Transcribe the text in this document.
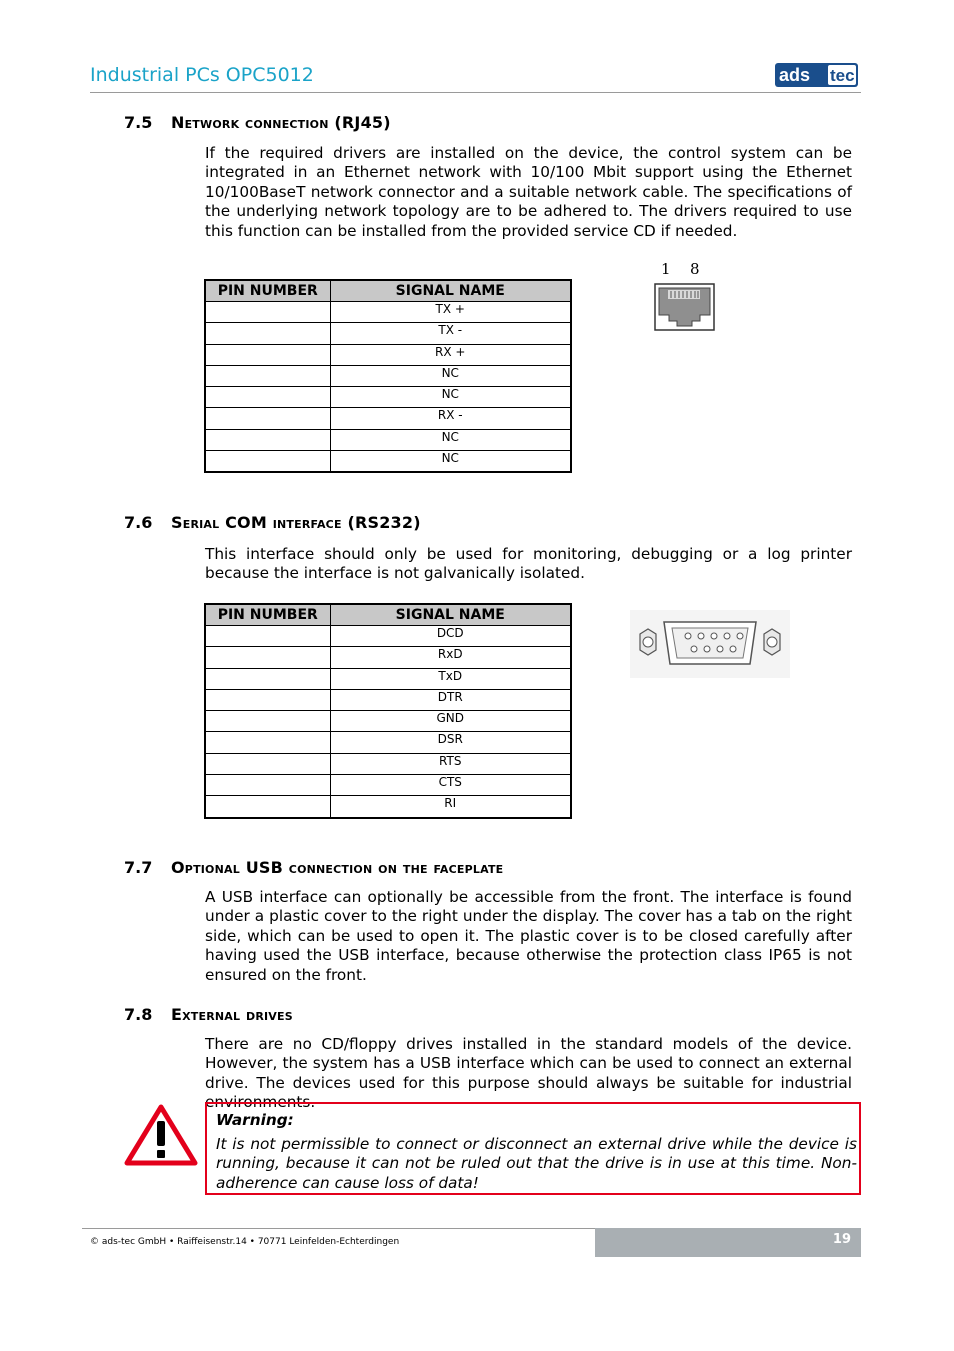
Industrial PCs OPC5012	ads tec
7.5 Network connection (RJ45)
If the required drivers are installed on the device, the control system can be integrated in an Ethernet network with 10/100 Mbit support using the Ethernet 10/100BaseT network connector and a suitable network cable. The specifications of the underlying network topology are to be adhered to. The drivers required to use this function can be installed from the provided service CD if needed.
PIN NUMBER	SIGNAL NAME
	TX +
	TX -
	RX +
	NC
	NC
	RX -
	NC
	NC
1 8
7.6 Serial COM interface (RS232)
This interface should only be used for monitoring, debugging or a log printer because the interface is not galvanically isolated.
PIN NUMBER	SIGNAL NAME
	DCD
	RxD
	TxD
	DTR
	GND
	DSR
	RTS
	CTS
	RI
7.7 Optional USB connection on the faceplate
A USB interface can optionally be accessible from the front. The interface is found under a plastic cover to the right under the display. The cover has a tab on the right side, which can be used to open it. The plastic cover is to be closed carefully after having used the USB interface, because otherwise the protection class IP65 is not ensured on the front.
7.8 External drives
There are no CD/floppy drives installed in the standard models of the device. However, the system has a USB interface which can be used to connect an external drive. The devices used for this purpose should always be suitable for industrial environments.
Warning:
It is not permissible to connect or disconnect an external drive while the device is running, because it can not be ruled out that the drive is in use at this time. Non-adherence can cause loss of data!
© ads-tec GmbH • Raiffeisenstr.14 • 70771 Leinfelden-Echterdingen	19
